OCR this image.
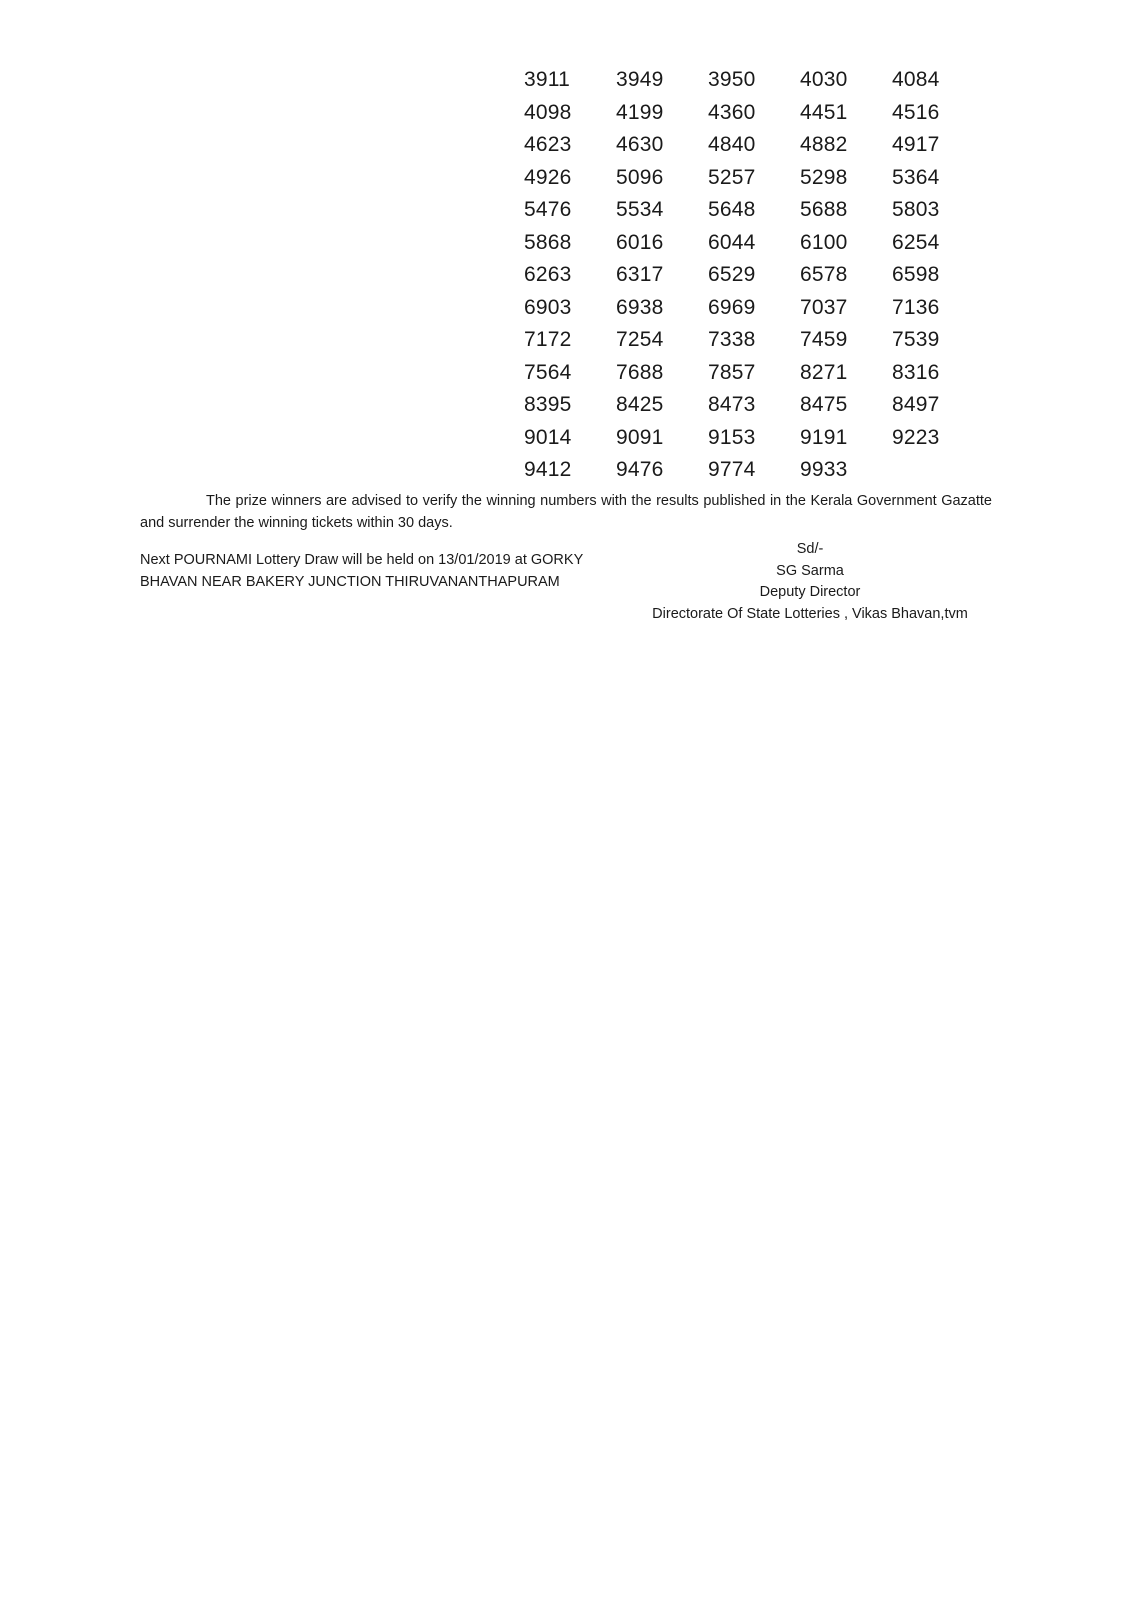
3911	3949	3950	4030	4084
4098	4199	4360	4451	4516
4623	4630	4840	4882	4917
4926	5096	5257	5298	5364
5476	5534	5648	5688	5803
5868	6016	6044	6100	6254
6263	6317	6529	6578	6598
6903	6938	6969	7037	7136
7172	7254	7338	7459	7539
7564	7688	7857	8271	8316
8395	8425	8473	8475	8497
9014	9091	9153	9191	9223
9412	9476	9774	9933
The prize winners are advised to verify the winning numbers with the results published in the Kerala Government Gazatte and surrender the winning tickets within 30 days.
Next POURNAMI Lottery Draw will be held on 13/01/2019 at GORKY
BHAVAN NEAR BAKERY JUNCTION THIRUVANANTHAPURAM
Sd/-
SG Sarma
Deputy Director
Directorate Of State Lotteries , Vikas Bhavan,tvm
